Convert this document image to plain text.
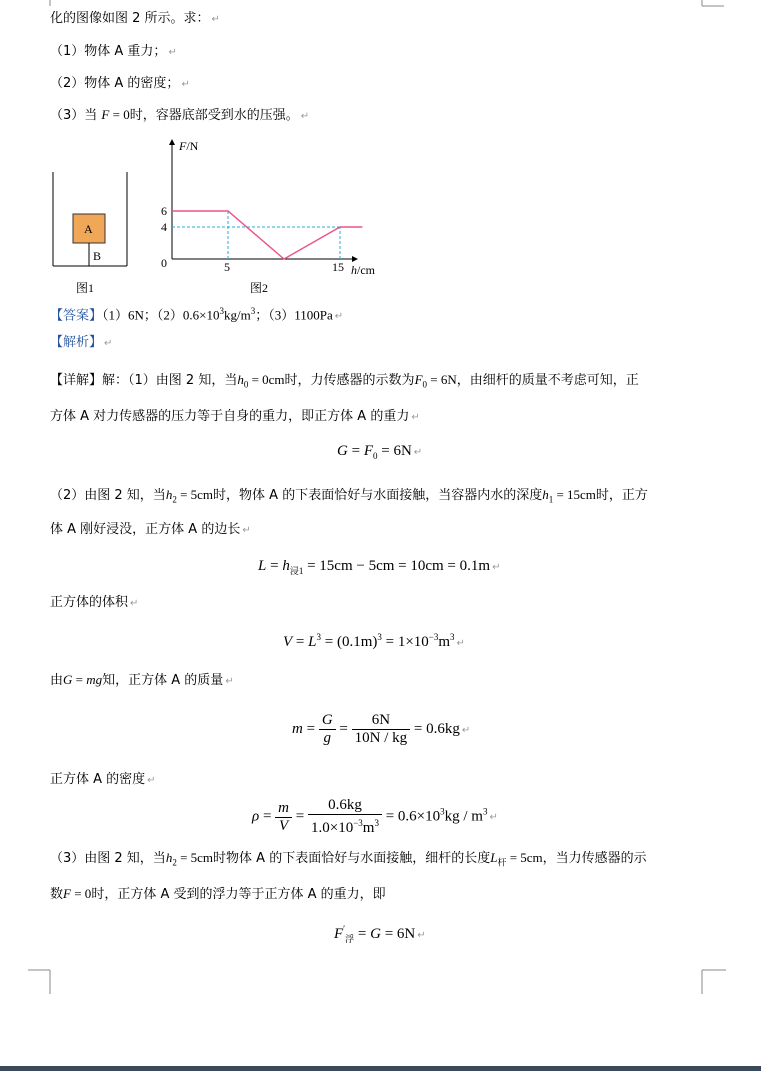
化的图像如图 2 所示。求： ↵
（1）物体 A 重力； ↵
（2）物体 A 的密度； ↵
（3）当 F = 0时，容器底部受到水的压强。 ↵
A
B
图1
F/N
h/cm
0
图2
5	15
6
4
【答案】（1）6N；$(2)0.6\times 10^3kg/m^3$；（3）1100Pa ↵
【解析】 ↵
【详解】解：（1）由图 2 知，当$h_0 = 0cm$时，力传感器的示数为$F_0 = 6N$，由细杆的质量不考虑可知，正
方体 A 对力传感器的压力等于自身的重力，即正方体 A 的重力 ↵
$G = F_0 = 6N$ ↵
（2）由图 2 知，当$h_2 = 5cm$时，物体 A 的下表面恰好与水面接触，当容器内水的深度$h_1 = 15cm$时，正方
体 A 刚好浸没，正方体 A 的边长 ↵
$L = h_{浸1} = 15cm - 5cm = 10cm = 0.1m$ ↵
正方体的体积 ↵
$V = L^3 = (0.1m)^3$ = $1\times 10^{-3}m^3↵$
由G = mg知，正方体 A 的质量 ↵
$m = \frac{G}{g} = \frac{6N}{10N / kg} = 0.6kg$ ↵
正方体 A 的密度 ↵
$\rho = \frac{m}{V} = \frac{0.6kg}{1.0\times 10^{-3}m^3} = 0.6\times 10^3kg$ / $m^3↵$
（3）由图 2 知，当$h_2 = 5cm$时物体 A 的下表面恰好与水面接触，细杆的长度$L_杆 = 5cm$，当力传感器的示
数F = 0时，正方体 A 受到的浮力等于正方体 A 的重力，即
$F'_浮 = G = 6N$ ↵
